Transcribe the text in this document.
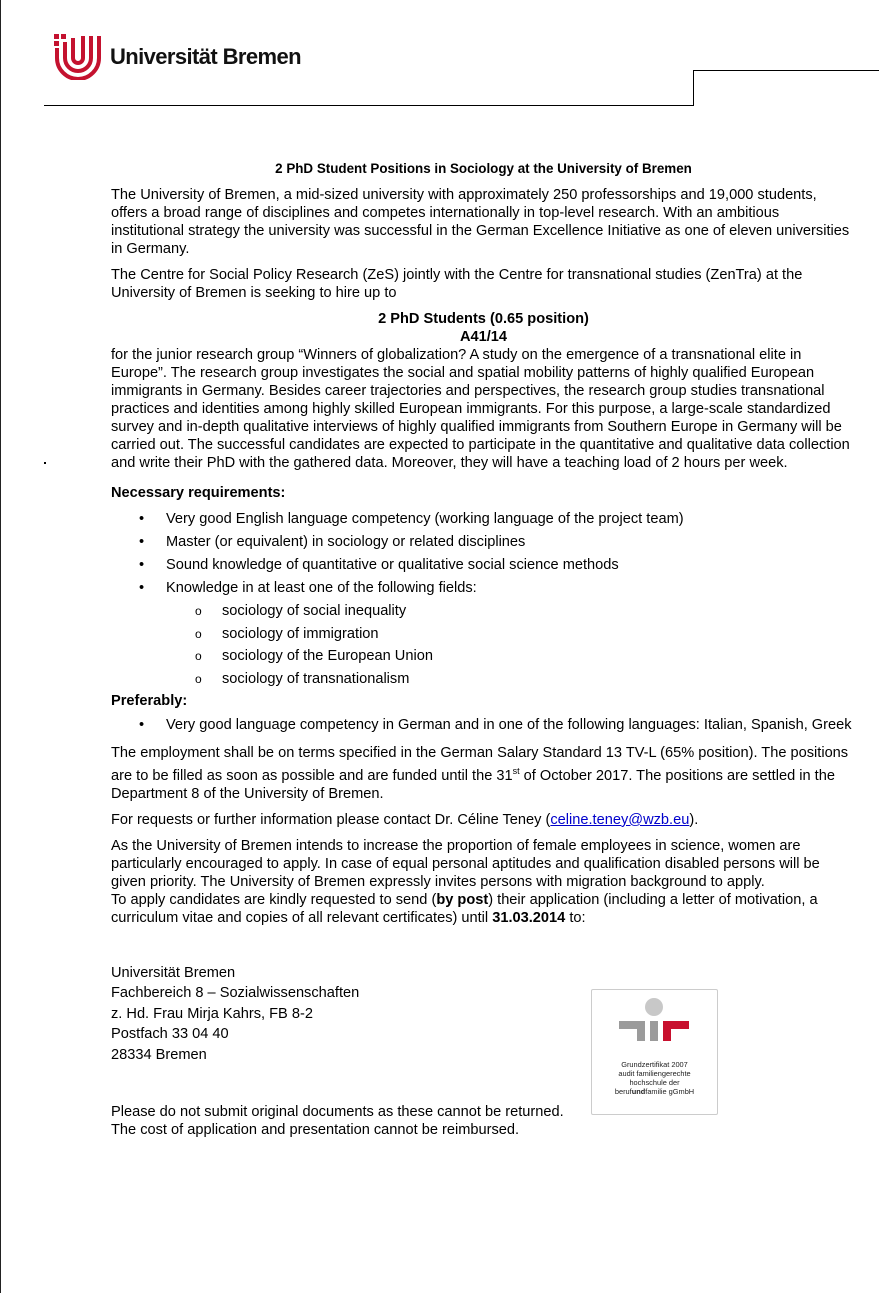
Universität Bremen

2 PhD Student Positions in Sociology at the University of Bremen

The University of Bremen, a mid-sized university with approximately 250 professorships and 19,000 students, offers a broad range of disciplines and competes internationally in top-level research. With an ambitious institutional strategy the university was successful in the German Excellence Initiative as one of eleven universities in Germany.

The Centre for Social Policy Research (ZeS) jointly with the Centre for transnational studies (ZenTra) at the University of Bremen is seeking to hire up to

2 PhD Students (0.65 position)
A41/14

for the junior research group “Winners of globalization? A study on the emergence of a transnational elite in Europe”. The research group investigates the social and spatial mobility patterns of highly qualified European immigrants in Germany. Besides career trajectories and perspectives, the research group studies transnational practices and identities among highly skilled European immigrants. For this purpose, a large-scale standardized survey and in-depth qualitative interviews of highly qualified immigrants from Southern Europe in Germany will be carried out. The successful candidates are expected to participate in the quantitative and qualitative data collection and write their PhD with the gathered data. Moreover, they will have a teaching load of 2 hours per week.

Necessary requirements:
• Very good English language competency (working language of the project team)
• Master (or equivalent) in sociology or related disciplines
• Sound knowledge of quantitative or qualitative social science methods
• Knowledge in at least one of the following fields:
o sociology of social inequality
o sociology of immigration
o sociology of the European Union
o sociology of transnationalism
Preferably:
• Very good language competency in German and in one of the following languages: Italian, Spanish, Greek

The employment shall be on terms specified in the German Salary Standard 13 TV-L (65% position). The positions are to be filled as soon as possible and are funded until the 31st of October 2017. The positions are settled in the Department 8 of the University of Bremen.

For requests or further information please contact Dr. Céline Teney (celine.teney@wzb.eu).

As the University of Bremen intends to increase the proportion of female employees in science, women are particularly encouraged to apply. In case of equal personal aptitudes and qualification disabled persons will be given priority. The University of Bremen expressly invites persons with migration background to apply.

To apply candidates are kindly requested to send (by post) their application (including a letter of motivation, a curriculum vitae and copies of all relevant certificates) until 31.03.2014 to:

Universität Bremen
Fachbereich 8 – Sozialwissenschaften
z. Hd. Frau Mirja Kahrs, FB 8-2
Postfach 33 04 40
28334 Bremen
Please do not submit original documents as these cannot be returned.
The cost of application and presentation cannot be reimbursed.
Grundzertifikat 2007
audit familiengerechte
hochschule der
berufundfamilie gGmbH
